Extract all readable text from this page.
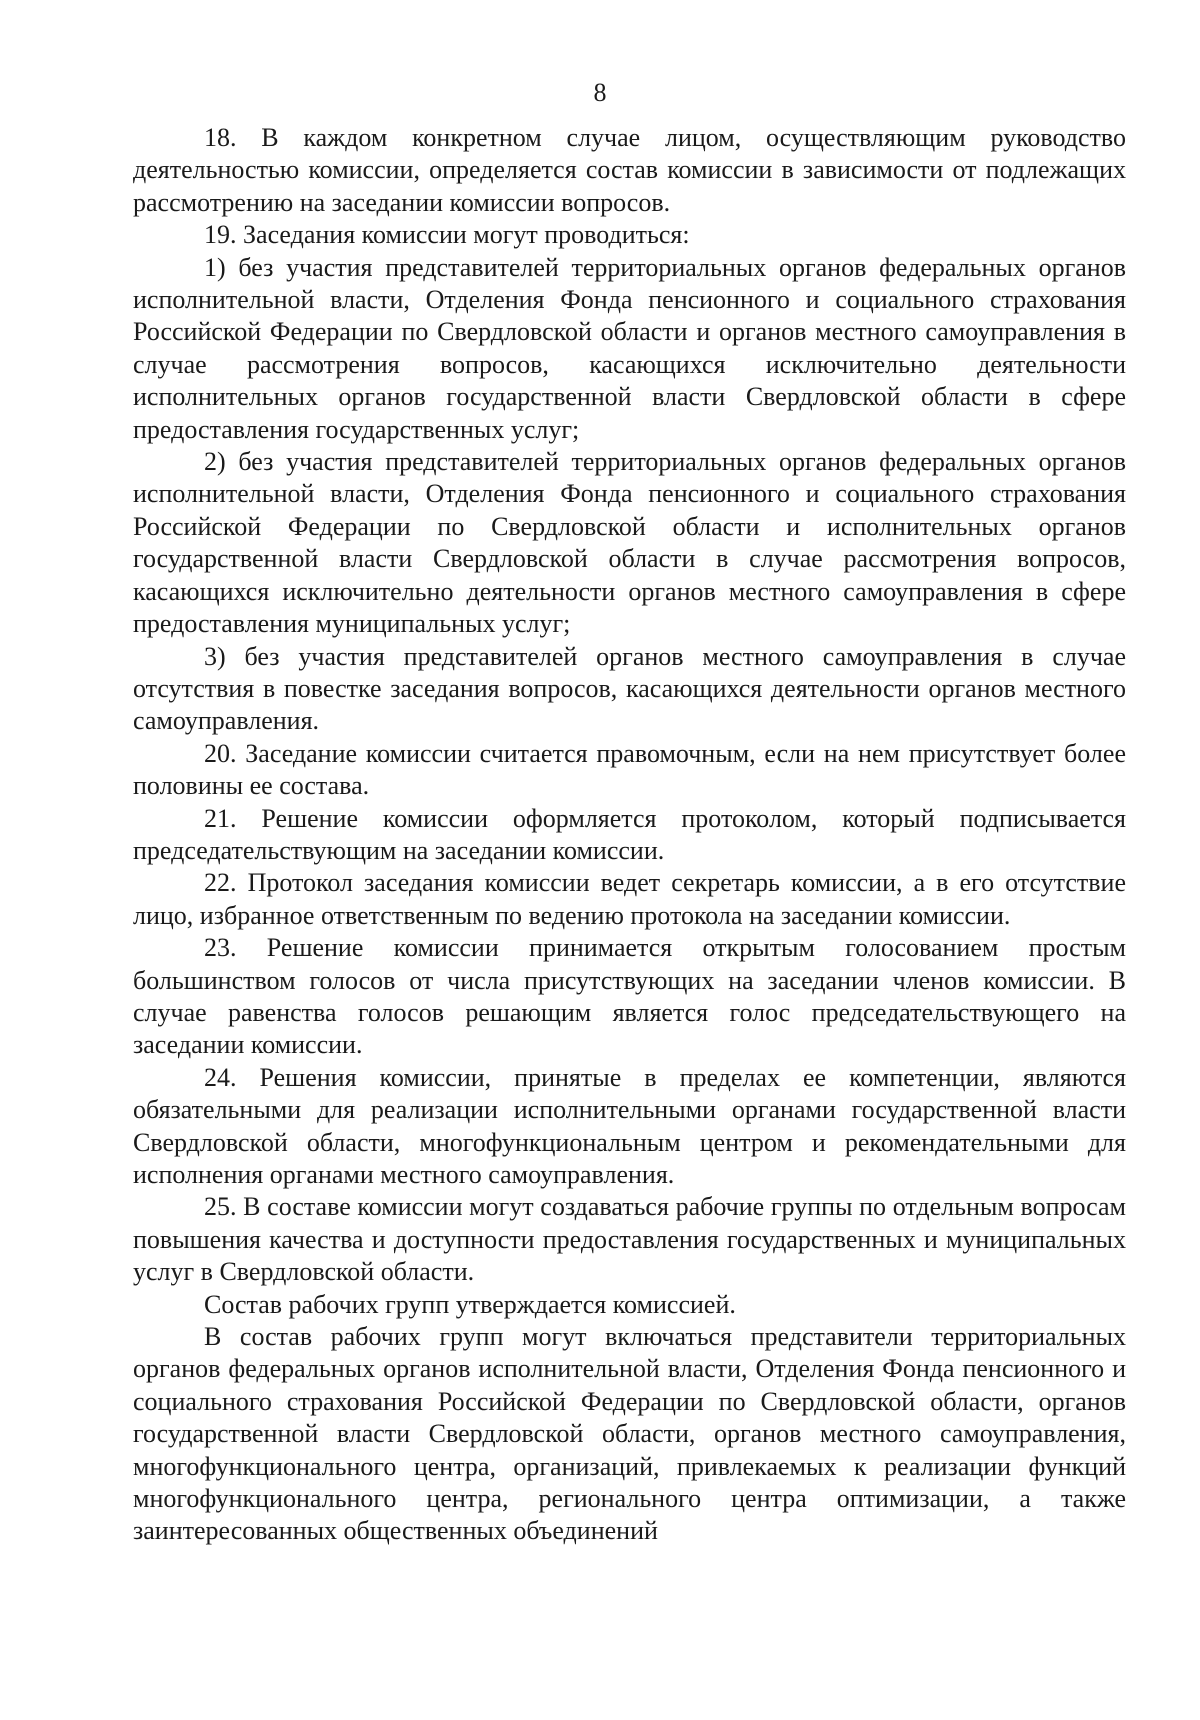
8

18. В каждом конкретном случае лицом, осуществляющим руководство деятельностью комиссии, определяется состав комиссии в зависимости от подлежащих рассмотрению на заседании комиссии вопросов.

19. Заседания комиссии могут проводиться:

1) без участия представителей территориальных органов федеральных органов исполнительной власти, Отделения Фонда пенсионного и социального страхования Российской Федерации по Свердловской области и органов местного самоуправления в случае рассмотрения вопросов, касающихся исключительно деятельности исполнительных органов государственной власти Свердловской области в сфере предоставления государственных услуг;

2) без участия представителей территориальных органов федеральных органов исполнительной власти, Отделения Фонда пенсионного и социального страхования Российской Федерации по Свердловской области и исполнительных органов государственной власти Свердловской области в случае рассмотрения вопросов, касающихся исключительно деятельности органов местного самоуправления в сфере предоставления муниципальных услуг;

3) без участия представителей органов местного самоуправления в случае отсутствия в повестке заседания вопросов, касающихся деятельности органов местного самоуправления.

20. Заседание комиссии считается правомочным, если на нем присутствует более половины ее состава.

21. Решение комиссии оформляется протоколом, который подписывается председательствующим на заседании комиссии.

22. Протокол заседания комиссии ведет секретарь комиссии, а в его отсутствие лицо, избранное ответственным по ведению протокола на заседании комиссии.

23. Решение комиссии принимается открытым голосованием простым большинством голосов от числа присутствующих на заседании членов комиссии. В случае равенства голосов решающим является голос председательствующего на заседании комиссии.

24. Решения комиссии, принятые в пределах ее компетенции, являются обязательными для реализации исполнительными органами государственной власти Свердловской области, многофункциональным центром и рекомендательными для исполнения органами местного самоуправления.

25. В составе комиссии могут создаваться рабочие группы по отдельным вопросам повышения качества и доступности предоставления государственных и муниципальных услуг в Свердловской области.

Состав рабочих групп утверждается комиссией.

В состав рабочих групп могут включаться представители территориальных органов федеральных органов исполнительной власти, Отделения Фонда пенсионного и социального страхования Российской Федерации по Свердловской области, органов государственной власти Свердловской области, органов местного самоуправления, многофункционального центра, организаций, привлекаемых к реализации функций многофункционального центра, регионального центра оптимизации, а также заинтересованных общественных объединений
